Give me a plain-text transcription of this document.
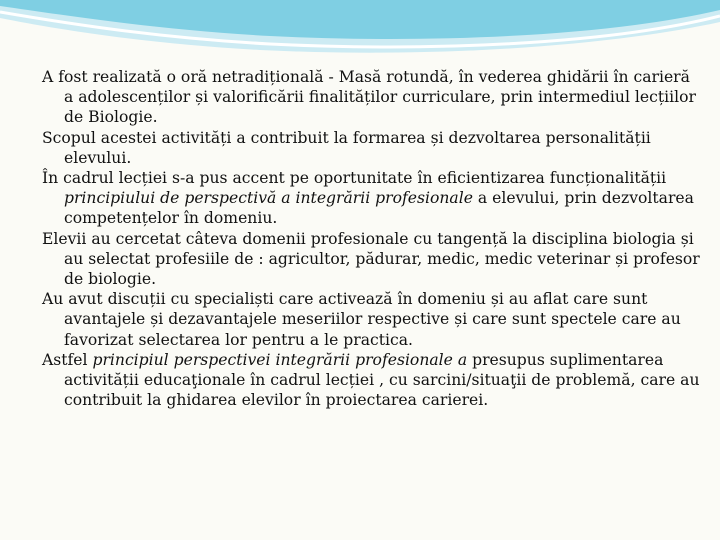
A fost realizată o oră netradițională - Masă rotundă, în vederea ghidării în carieră a adolescenților și valorificării finalităților curriculare, prin intermediul lecțiilor de Biologie.

Scopul acestei activități a contribuit la formarea și dezvoltarea personalității elevului.

În cadrul lecției s-a pus accent pe oportunitate în eficientizarea funcționalității principiului de perspectivă a integrării profesionale a elevului, prin dezvoltarea competențelor în domeniu.

Elevii au cercetat câteva domenii profesionale cu tangență la disciplina biologia și au selectat profesiile de : agricultor, pădurar, medic, medic veterinar și profesor de biologie.

Au avut discuții cu specialiști care activează în domeniu și au aflat care sunt avantajele și dezavantajele meseriilor respective și care sunt spectele care au favorizat selectarea lor pentru a le practica.

Astfel principiul perspectivei integrării profesionale a presupus suplimentarea activității educaţionale în cadrul lecției , cu sarcini/situaţii de problemă, care au contribuit la ghidarea elevilor în proiectarea carierei.
